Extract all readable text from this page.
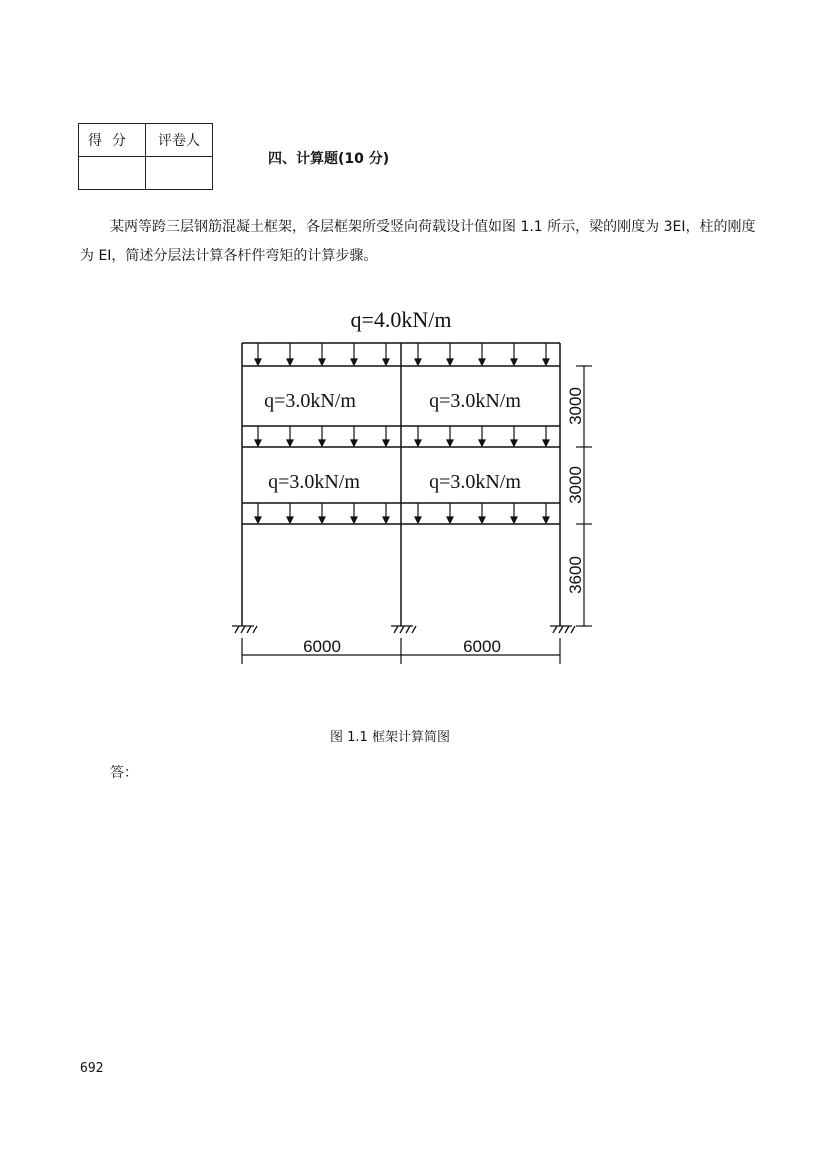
得分	评卷人

四、计算题(10 分)
某两等跨三层钢筋混凝土框架，各层框架所受竖向荷载设计值如图 1.1 所示，梁的刚度为 3EI，柱的刚度为 EI，简述分层法计算各杆件弯矩的计算步骤。
q=4.0kN/m
q=3.0kN/m	q=3.0kN/m
q=3.0kN/m	q=3.0kN/m
3000
3000
3600
6000	6000
图 1.1 框架计算简图
答：
692
